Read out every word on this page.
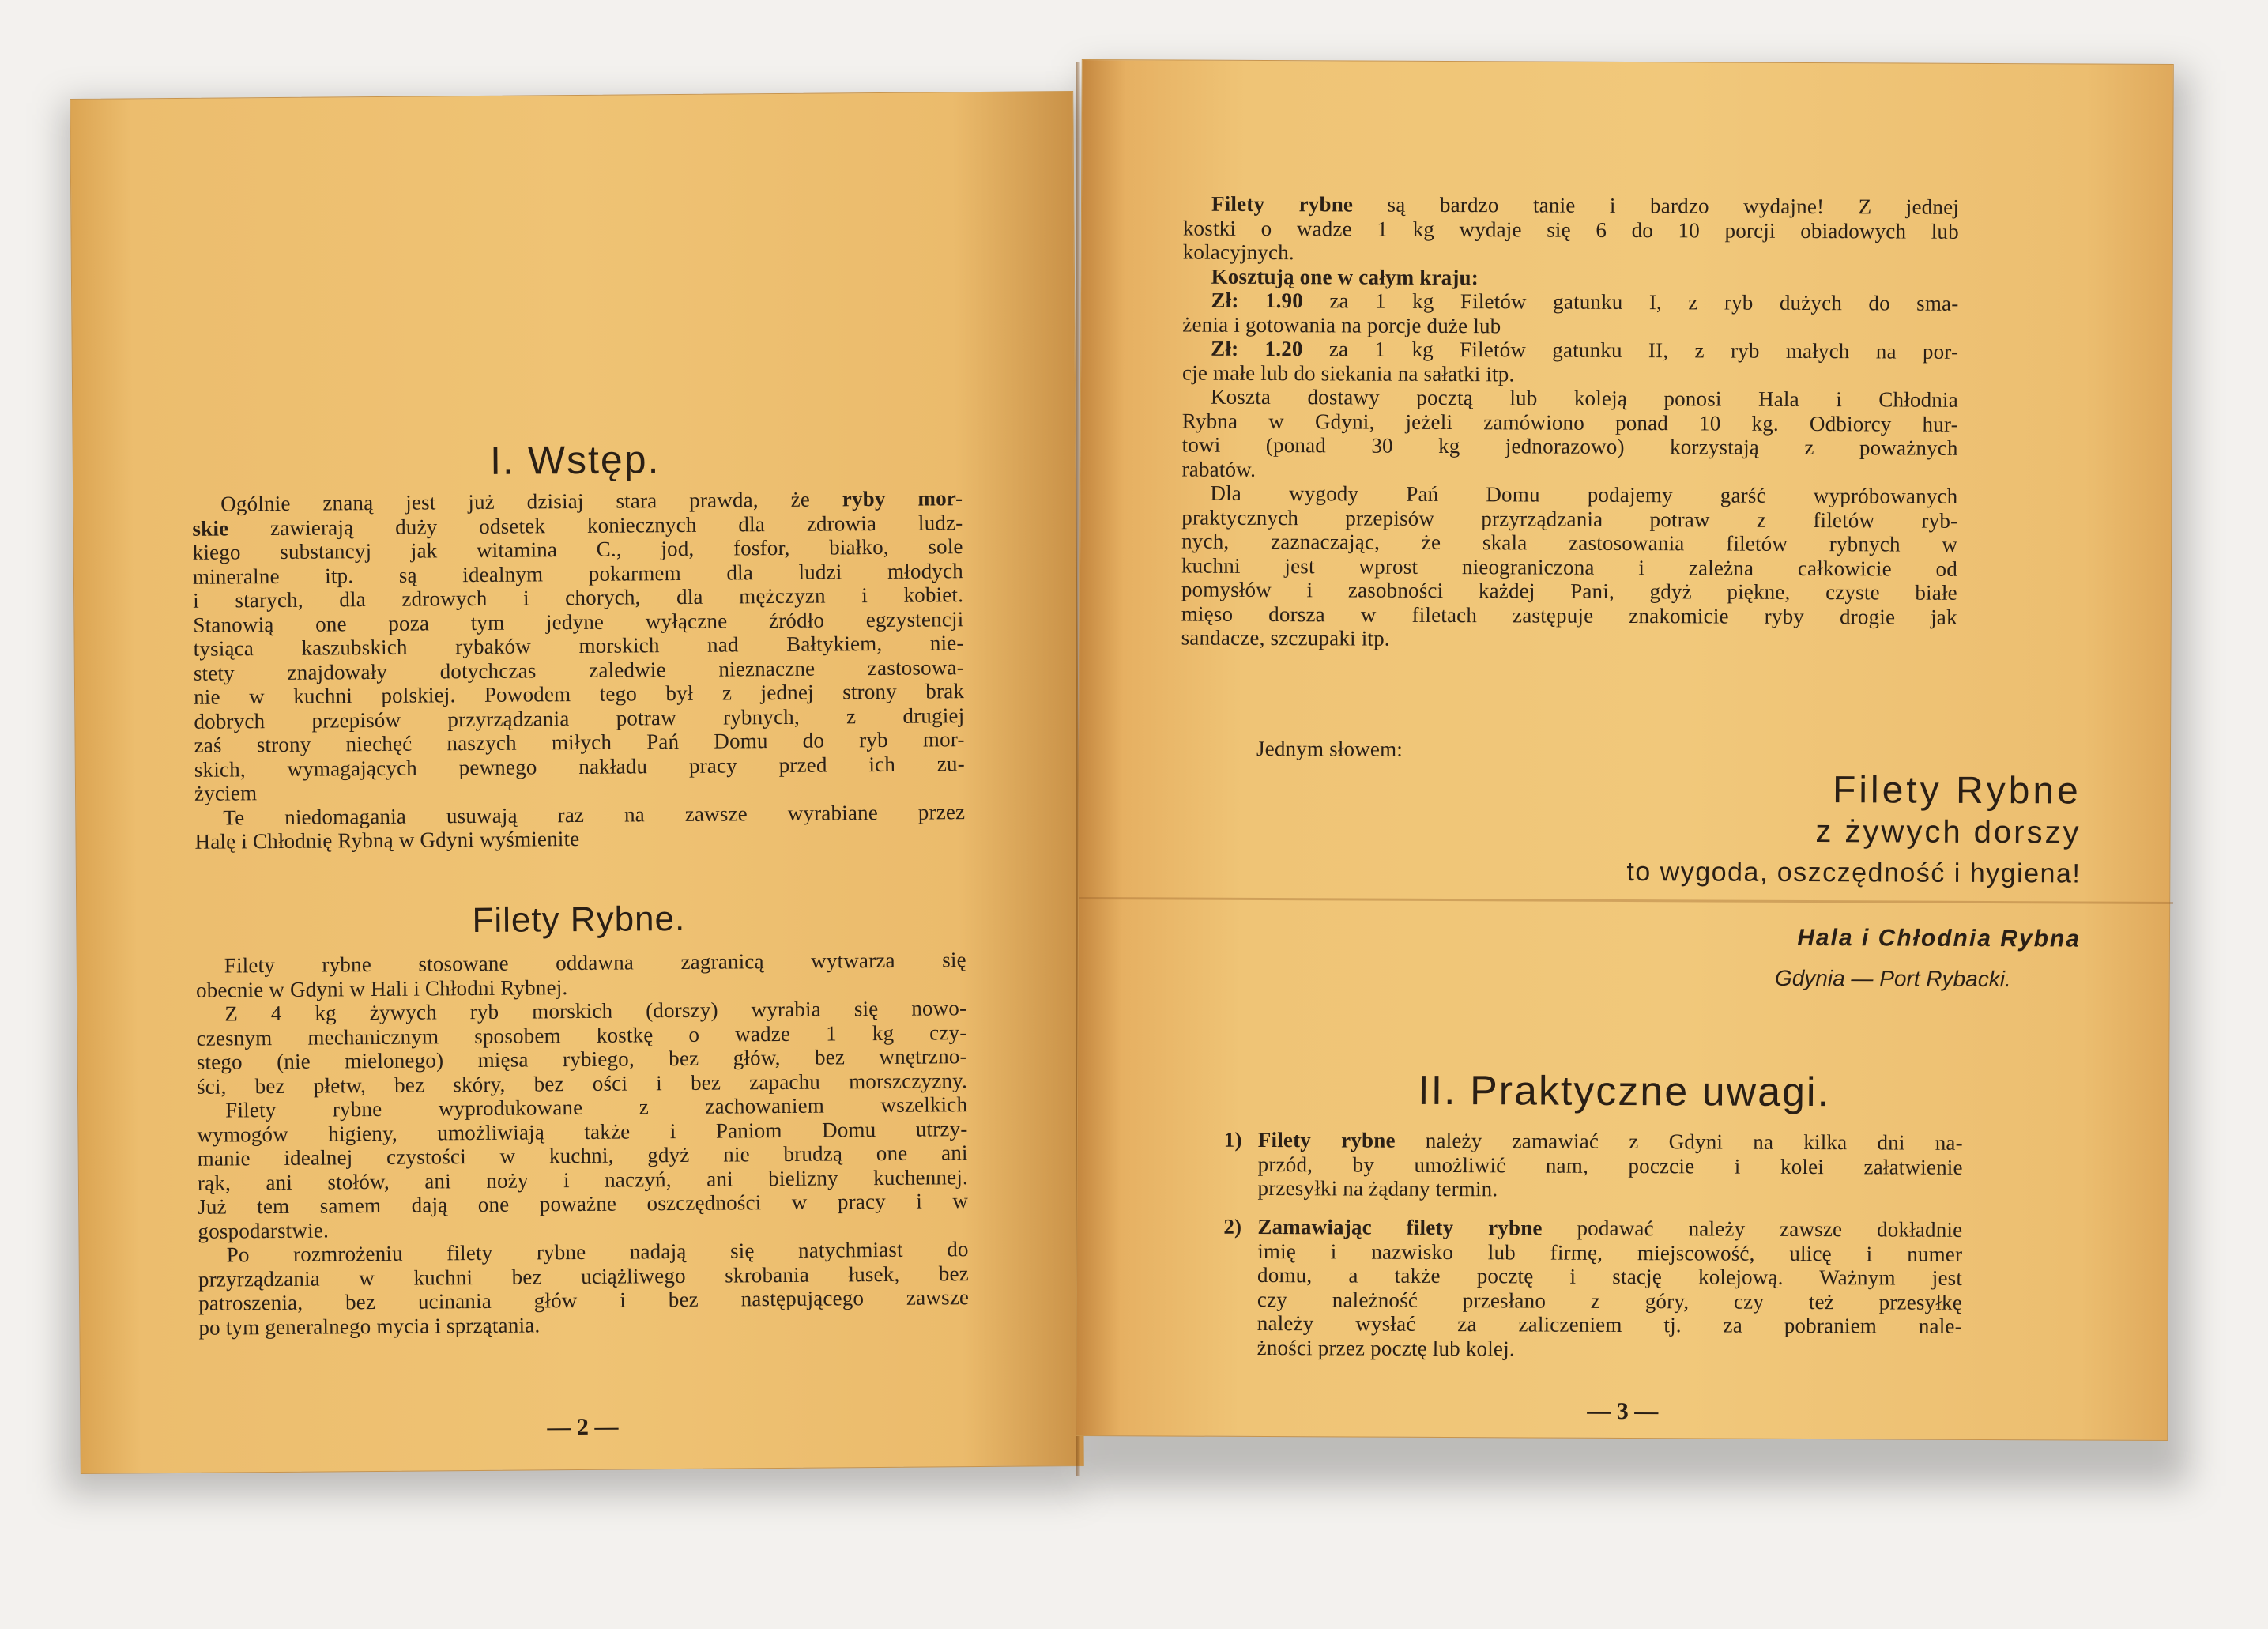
I. Wstęp.
Ogólnie znaną jest już dzisiaj stara prawda, że ryby mor-
skie zawierają duży odsetek koniecznych dla zdrowia ludz-
kiego substancyj jak witamina C., jod, fosfor, białko, sole
mineralne itp. są idealnym pokarmem dla ludzi młodych
i starych, dla zdrowych i chorych, dla mężczyzn i kobiet.
Stanowią one poza tym jedyne wyłączne źródło egzystencji
tysiąca kaszubskich rybaków morskich nad Bałtykiem, nie-
stety znajdowały dotychczas zaledwie nieznaczne zastosowa-
nie w kuchni polskiej. Powodem tego był z jednej strony brak
dobrych przepisów przyrządzania potraw rybnych, z drugiej
zaś strony niechęć naszych miłych Pań Domu do ryb mor-
skich, wymagających pewnego nakładu pracy przed ich zu-
życiem
Te niedomagania usuwają raz na zawsze wyrabiane przez
Halę i Chłodnię Rybną w Gdyni wyśmienite
Filety Rybne.
Filety rybne stosowane oddawna zagranicą wytwarza się
obecnie w Gdyni w Hali i Chłodni Rybnej.
Z 4 kg żywych ryb morskich (dorszy) wyrabia się nowo-
czesnym mechanicznym sposobem kostkę o wadze 1 kg czy-
stego (nie mielonego) mięsa rybiego, bez głów, bez wnętrzno-
ści, bez płetw, bez skóry, bez ości i bez zapachu morszczyzny.
Filety rybne wyprodukowane z zachowaniem wszelkich
wymogów higieny, umożliwiają także i Paniom Domu utrzy-
manie idealnej czystości w kuchni, gdyż nie brudzą one ani
rąk, ani stołów, ani noży i naczyń, ani bielizny kuchennej.
Już tem samem dają one poważne oszczędności w pracy i w
gospodarstwie.
Po rozmrożeniu filety rybne nadają się natychmiast do
przyrządzania w kuchni bez uciążliwego skrobania łusek, bez
patroszenia, bez ucinania głów i bez następującego zawsze
po tym generalnego mycia i sprzątania.
— 2 —
Filety rybne są bardzo tanie i bardzo wydajne! Z jednej
kostki o wadze 1 kg wydaje się 6 do 10 porcji obiadowych lub
kolacyjnych.
Kosztują one w całym kraju:
Zł: 1.90 za 1 kg Filetów gatunku I, z ryb dużych do sma-
żenia i gotowania na porcje duże lub
Zł: 1.20 za 1 kg Filetów gatunku II, z ryb małych na por-
cje małe lub do siekania na sałatki itp.
Koszta dostawy pocztą lub koleją ponosi Hala i Chłodnia
Rybna w Gdyni, jeżeli zamówiono ponad 10 kg. Odbiorcy hur-
towi (ponad 30 kg jednorazowo) korzystają z poważnych
rabatów.
Dla wygody Pań Domu podajemy garść wypróbowanych
praktycznych przepisów przyrządzania potraw z filetów ryb-
nych, zaznaczając, że skala zastosowania filetów rybnych w
kuchni jest wprost nieograniczona i zależna całkowicie od
pomysłów i zasobności każdej Pani, gdyż piękne, czyste białe
mięso dorsza w filetach zastępuje znakomicie ryby drogie jak
sandacze, szczupaki itp.
Jednym słowem:
Filety Rybne
z żywych dorszy
to wygoda, oszczędność i hygiena!
Hala i Chłodnia Rybna
Gdynia — Port Rybacki.
II. Praktyczne uwagi.
1) Filety rybne należy zamawiać z Gdyni na kilka dni na-
przód, by umożliwić nam, poczcie i kolei załatwienie
przesyłki na żądany termin.
2) Zamawiając filety rybne podawać należy zawsze dokładnie
imię i nazwisko lub firmę, miejscowość, ulicę i numer
domu, a także pocztę i stację kolejową. Ważnym jest
czy należność przesłano z góry, czy też przesyłkę
należy wysłać za zaliczeniem tj. za pobraniem nale-
żności przez pocztę lub kolej.
— 3 —
